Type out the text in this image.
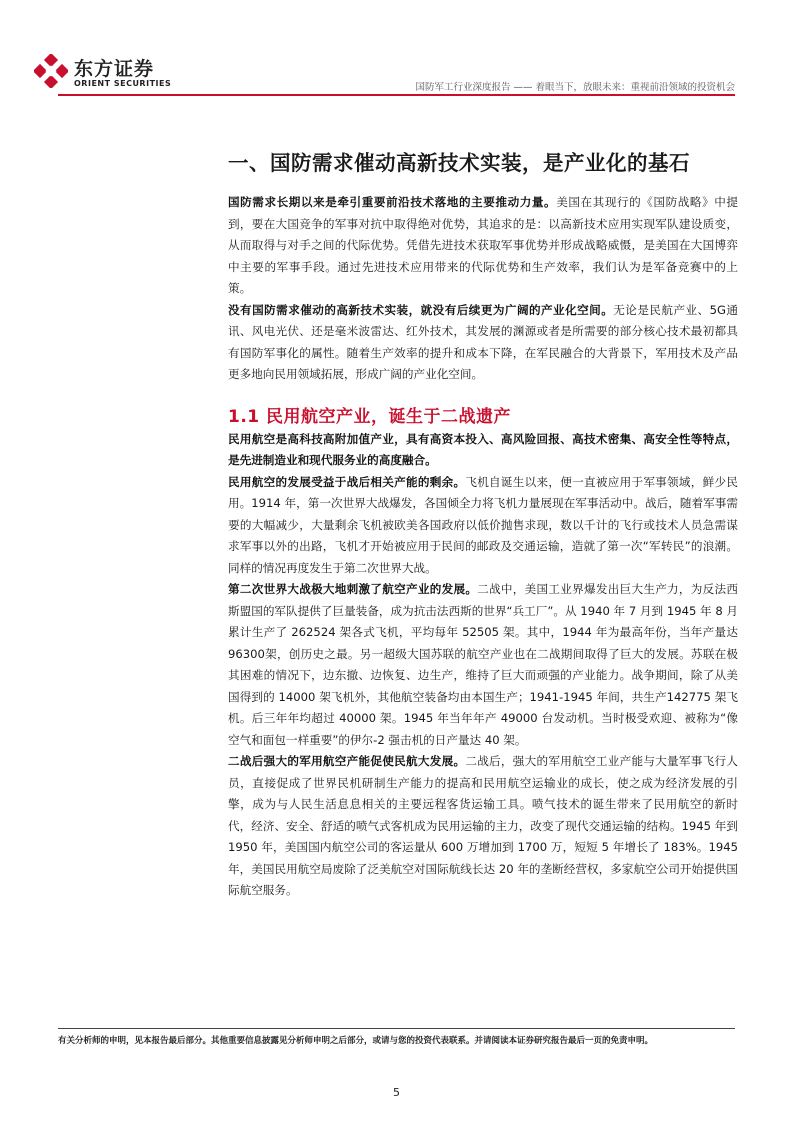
东方证券
ORIENT SECURITIES	国防军工行业深度报告 —— 着眼当下，放眼未来：重视前沿领域的投资机会
一、国防需求催动高新技术实装，是产业化的基石

国防需求长期以来是牵引重要前沿技术落地的主要推动力量。美国在其现行的《国防战略》中提到，要在大国竞争的军事对抗中取得绝对优势，其追求的是：以高新技术应用实现军队建设质变，从而取得与对手之间的代际优势。凭借先进技术获取军事优势并形成战略威慑，是美国在大国博弈中主要的军事手段。通过先进技术应用带来的代际优势和生产效率，我们认为是军备竞赛中的上策。

没有国防需求催动的高新技术实装，就没有后续更为广阔的产业化空间。无论是民航产业、5G通讯、风电光伏、还是毫米波雷达、红外技术，其发展的渊源或者是所需要的部分核心技术最初都具有国防军事化的属性。随着生产效率的提升和成本下降，在军民融合的大背景下，军用技术及产品更多地向民用领域拓展，形成广阔的产业化空间。

1.1 民用航空产业，诞生于二战遗产

民用航空是高科技高附加值产业，具有高资本投入、高风险回报、高技术密集、高安全性等特点，是先进制造业和现代服务业的高度融合。

民用航空的发展受益于战后相关产能的剩余。飞机自诞生以来，便一直被应用于军事领域，鲜少民用。1914 年，第一次世界大战爆发，各国倾全力将飞机力量展现在军事活动中。战后，随着军事需要的大幅减少，大量剩余飞机被欧美各国政府以低价抛售求现，数以千计的飞行或技术人员急需谋求军事以外的出路，飞机才开始被应用于民间的邮政及交通运输，造就了第一次“军转民”的浪潮。同样的情况再度发生于第二次世界大战。

第二次世界大战极大地刺激了航空产业的发展。二战中，美国工业界爆发出巨大生产力，为反法西斯盟国的军队提供了巨量装备，成为抗击法西斯的世界“兵工厂”。从 1940 年 7 月到 1945 年 8 月累计生产了 262524 架各式飞机，平均每年 52505 架。其中，1944 年为最高年份，当年产量达 96300架，创历史之最。另一超级大国苏联的航空产业也在二战期间取得了巨大的发展。苏联在极其困难的情况下，边东撤、边恢复、边生产，维持了巨大而顽强的产业能力。战争期间，除了从美国得到的 14000 架飞机外，其他航空装备均由本国生产；1941-1945 年间，共生产142775 架飞机。后三年年均超过 40000 架。1945 年当年年产 49000 台发动机。当时极受欢迎、被称为“像空气和面包一样重要”的伊尔-2 强击机的日产量达 40 架。

二战后强大的军用航空产能促使民航大发展。二战后，强大的军用航空工业产能与大量军事飞行人员，直接促成了世界民机研制生产能力的提高和民用航空运输业的成长，使之成为经济发展的引擎，成为与人民生活息息相关的主要远程客货运输工具。喷气技术的诞生带来了民用航空的新时代，经济、安全、舒适的喷气式客机成为民用运输的主力，改变了现代交通运输的结构。1945 年到 1950 年，美国国内航空公司的客运量从 600 万增加到 1700 万，短短 5 年增长了 183%。1945 年，美国民用航空局废除了泛美航空对国际航线长达 20 年的垄断经营权，多家航空公司开始提供国际航空服务。

有关分析师的申明，见本报告最后部分。其他重要信息披露见分析师申明之后部分，或请与您的投资代表联系。并请阅读本证券研究报告最后一页的免责申明。
5
